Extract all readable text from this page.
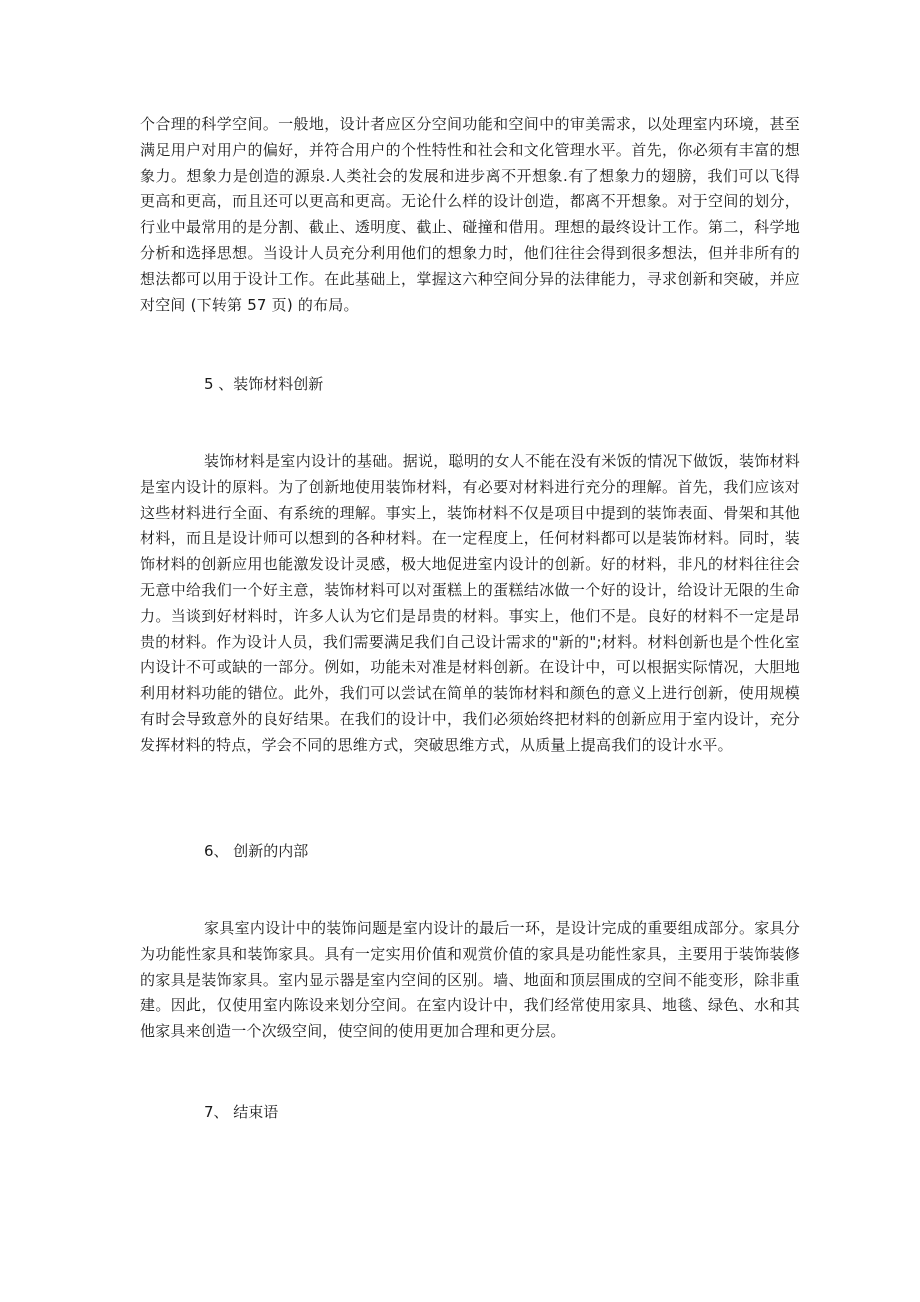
个合理的科学空间。一般地，设计者应区分空间功能和空间中的审美需求，以处理室内环境，甚至满足用户对用户的偏好，并符合用户的个性特性和社会和文化管理水平。首先，你必须有丰富的想象力。想象力是创造的源泉.人类社会的发展和进步离不开想象.有了想象力的翅膀，我们可以飞得更高和更高，而且还可以更高和更高。无论什么样的设计创造，都离不开想象。对于空间的划分，行业中最常用的是分割、截止、透明度、截止、碰撞和借用。理想的最终设计工作。第二，科学地分析和选择思想。当设计人员充分利用他们的想象力时，他们往往会得到很多想法，但并非所有的想法都可以用于设计工作。在此基础上，掌握这六种空间分异的法律能力，寻求创新和突破，并应对空间 (下转第 57 页) 的布局。

5 、装饰材料创新

装饰材料是室内设计的基础。据说，聪明的女人不能在没有米饭的情况下做饭，装饰材料是室内设计的原料。为了创新地使用装饰材料，有必要对材料进行充分的理解。首先，我们应该对这些材料进行全面、有系统的理解。事实上，装饰材料不仅是项目中提到的装饰表面、骨架和其他材料，而且是设计师可以想到的各种材料。在一定程度上，任何材料都可以是装饰材料。同时，装饰材料的创新应用也能激发设计灵感，极大地促进室内设计的创新。好的材料，非凡的材料往往会无意中给我们一个好主意，装饰材料可以对蛋糕上的蛋糕结冰做一个好的设计，给设计无限的生命力。当谈到好材料时，许多人认为它们是昂贵的材料。事实上，他们不是。良好的材料不一定是昂贵的材料。作为设计人员，我们需要满足我们自己设计需求的"新的";材料。材料创新也是个性化室内设计不可或缺的一部分。例如，功能未对准是材料创新。在设计中，可以根据实际情况，大胆地利用材料功能的错位。此外，我们可以尝试在简单的装饰材料和颜色的意义上进行创新，使用规模有时会导致意外的良好结果。在我们的设计中，我们必须始终把材料的创新应用于室内设计，充分发挥材料的特点，学会不同的思维方式，突破思维方式，从质量上提高我们的设计水平。

6、 创新的内部

家具室内设计中的装饰问题是室内设计的最后一环，是设计完成的重要组成部分。家具分为功能性家具和装饰家具。具有一定实用价值和观赏价值的家具是功能性家具，主要用于装饰装修的家具是装饰家具。室内显示器是室内空间的区别。墙、地面和顶层围成的空间不能变形，除非重建。因此，仅使用室内陈设来划分空间。在室内设计中，我们经常使用家具、地毯、绿色、水和其他家具来创造一个次级空间，使空间的使用更加合理和更分层。

7、 结束语
